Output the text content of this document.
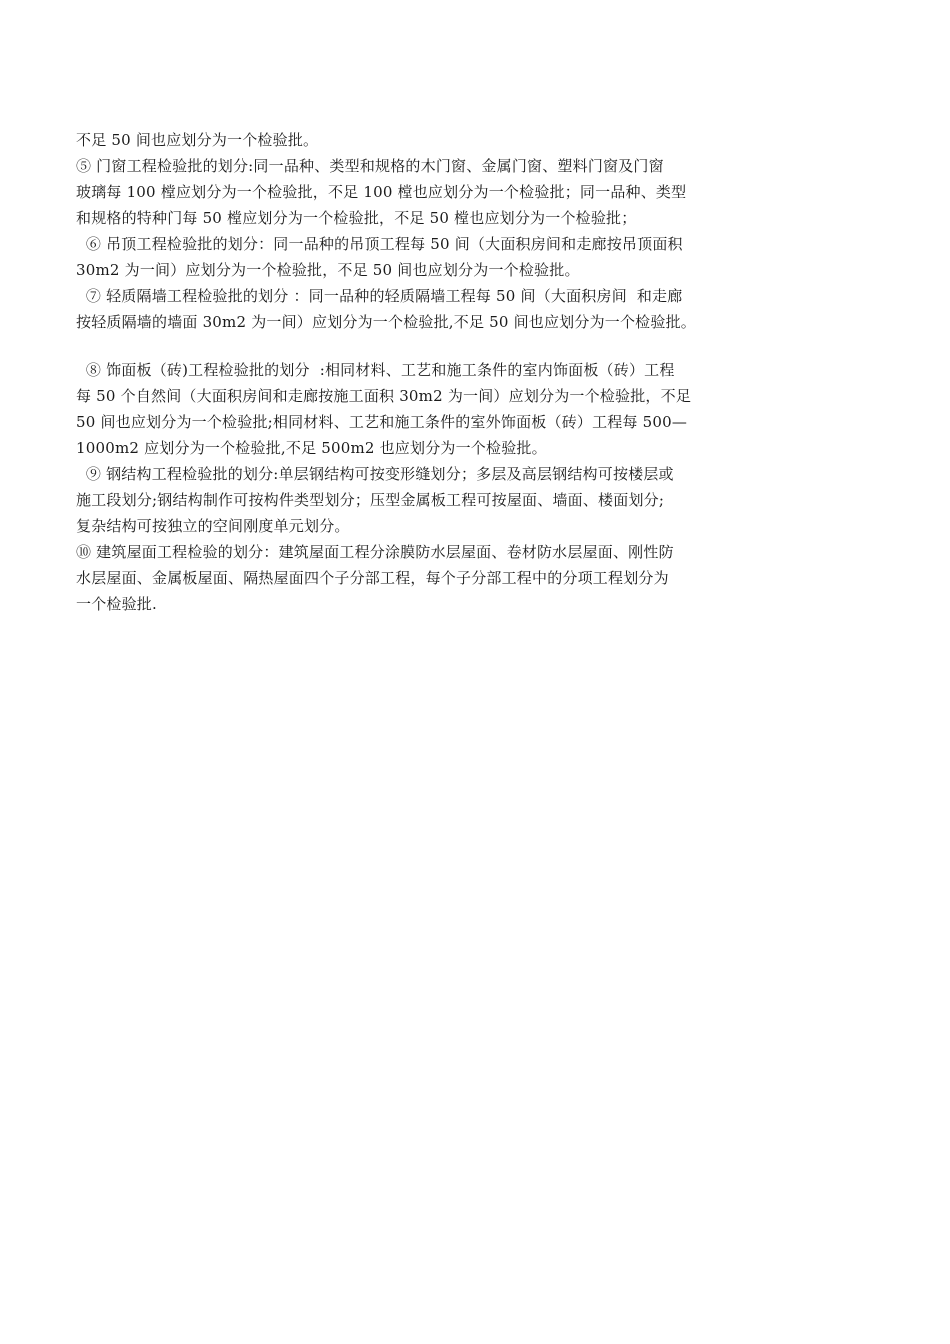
不足 50 间也应划分为一个检验批。
⑤ 门窗工程检验批的划分:同一品种、类型和规格的木门窗、金属门窗、塑料门窗及门窗
玻璃每 100 樘应划分为一个检验批，不足 100 樘也应划分为一个检验批；同一品种、类型
和规格的特种门每 50 樘应划分为一个检验批，不足 50 樘也应划分为一个检验批；
⑥ 吊顶工程检验批的划分：同一品种的吊顶工程每 50 间（大面积房间和走廊按吊顶面积
30m2 为一间）应划分为一个检验批，不足 50 间也应划分为一个检验批。
⑦ 轻质隔墙工程检验批的划分 ：同一品种的轻质隔墙工程每 50 间（大面积房间  和走廊
按轻质隔墙的墙面 30m2 为一间）应划分为一个检验批,不足 50 间也应划分为一个检验批。
⑧ 饰面板（砖)工程检验批的划分  :相同材料、工艺和施工条件的室内饰面板（砖）工程
每 50 个自然间（大面积房间和走廊按施工面积 30m2 为一间）应划分为一个检验批，不足
50 间也应划分为一个检验批;相同材料、工艺和施工条件的室外饰面板（砖）工程每 500—
1000m2 应划分为一个检验批,不足 500m2 也应划分为一个检验批。
⑨ 钢结构工程检验批的划分:单层钢结构可按变形缝划分；多层及高层钢结构可按楼层或
施工段划分;钢结构制作可按构件类型划分；压型金属板工程可按屋面、墙面、楼面划分;
复杂结构可按独立的空间刚度单元划分。
⑩ 建筑屋面工程检验的划分：建筑屋面工程分涂膜防水层屋面、卷材防水层屋面、刚性防
水层屋面、金属板屋面、隔热屋面四个子分部工程，每个子分部工程中的分项工程划分为
一个检验批.
